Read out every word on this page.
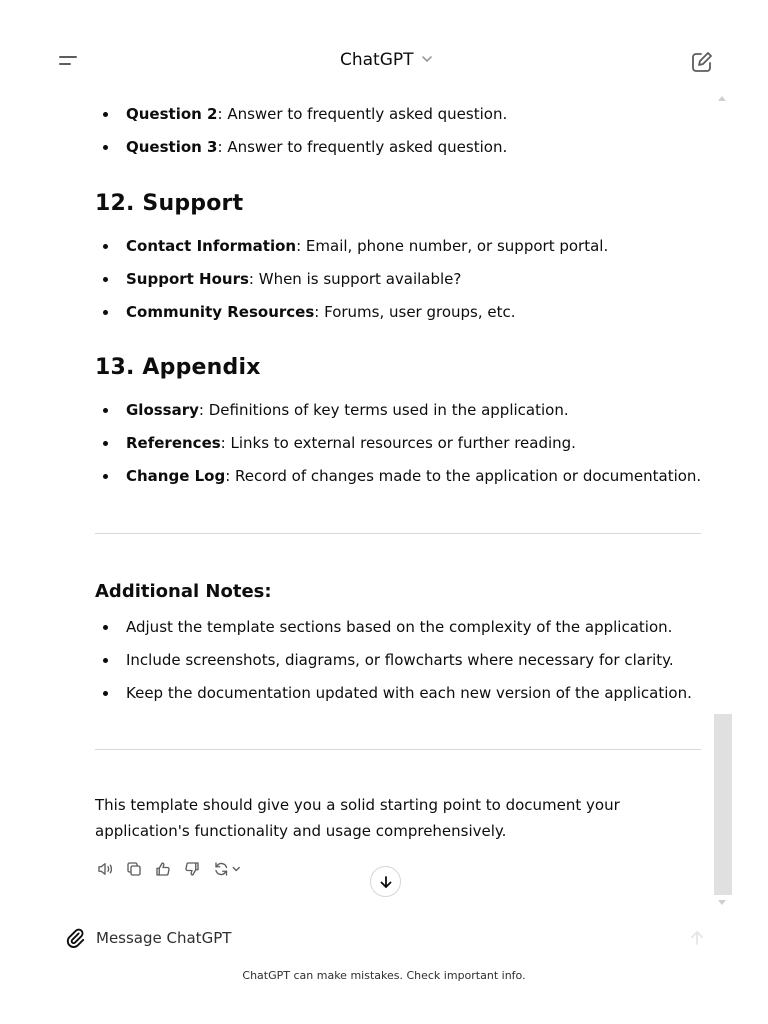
Question 2: Answer to frequently asked question.
Question 3: Answer to frequently asked question.
12. Support
Contact Information: Email, phone number, or support portal.
Support Hours: When is support available?
Community Resources: Forums, user groups, etc.
13. Appendix
Glossary: Definitions of key terms used in the application.
References: Links to external resources or further reading.
Change Log: Record of changes made to the application or documentation.
Additional Notes:
Adjust the template sections based on the complexity of the application.
Include screenshots, diagrams, or flowcharts where necessary for clarity.
Keep the documentation updated with each new version of the application.

This template should give you a solid starting point to document your application's functionality and usage comprehensively.

ChatGPT
Message ChatGPT
ChatGPT can make mistakes. Check important info.
